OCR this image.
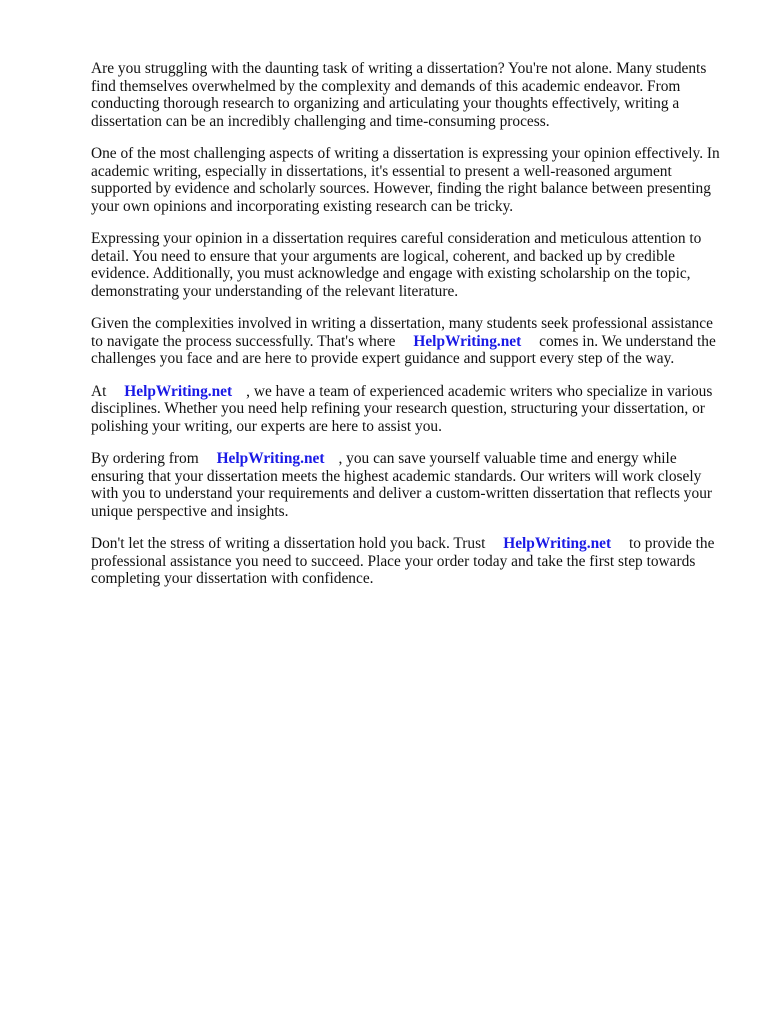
Are you struggling with the daunting task of writing a dissertation? You're not alone. Many students find themselves overwhelmed by the complexity and demands of this academic endeavor. From conducting thorough research to organizing and articulating your thoughts effectively, writing a dissertation can be an incredibly challenging and time-consuming process.

One of the most challenging aspects of writing a dissertation is expressing your opinion effectively. In academic writing, especially in dissertations, it's essential to present a well-reasoned argument supported by evidence and scholarly sources. However, finding the right balance between presenting your own opinions and incorporating existing research can be tricky.

Expressing your opinion in a dissertation requires careful consideration and meticulous attention to detail. You need to ensure that your arguments are logical, coherent, and backed up by credible evidence. Additionally, you must acknowledge and engage with existing scholarship on the topic, demonstrating your understanding of the relevant literature.

Given the complexities involved in writing a dissertation, many students seek professional assistance to navigate the process successfully. That's where HelpWriting.net comes in. We understand the challenges you face and are here to provide expert guidance and support every step of the way.

At HelpWriting.net , we have a team of experienced academic writers who specialize in various disciplines. Whether you need help refining your research question, structuring your dissertation, or polishing your writing, our experts are here to assist you.

By ordering from HelpWriting.net , you can save yourself valuable time and energy while ensuring that your dissertation meets the highest academic standards. Our writers will work closely with you to understand your requirements and deliver a custom-written dissertation that reflects your unique perspective and insights.

Don't let the stress of writing a dissertation hold you back. Trust HelpWriting.net to provide the professional assistance you need to succeed. Place your order today and take the first step towards completing your dissertation with confidence.
